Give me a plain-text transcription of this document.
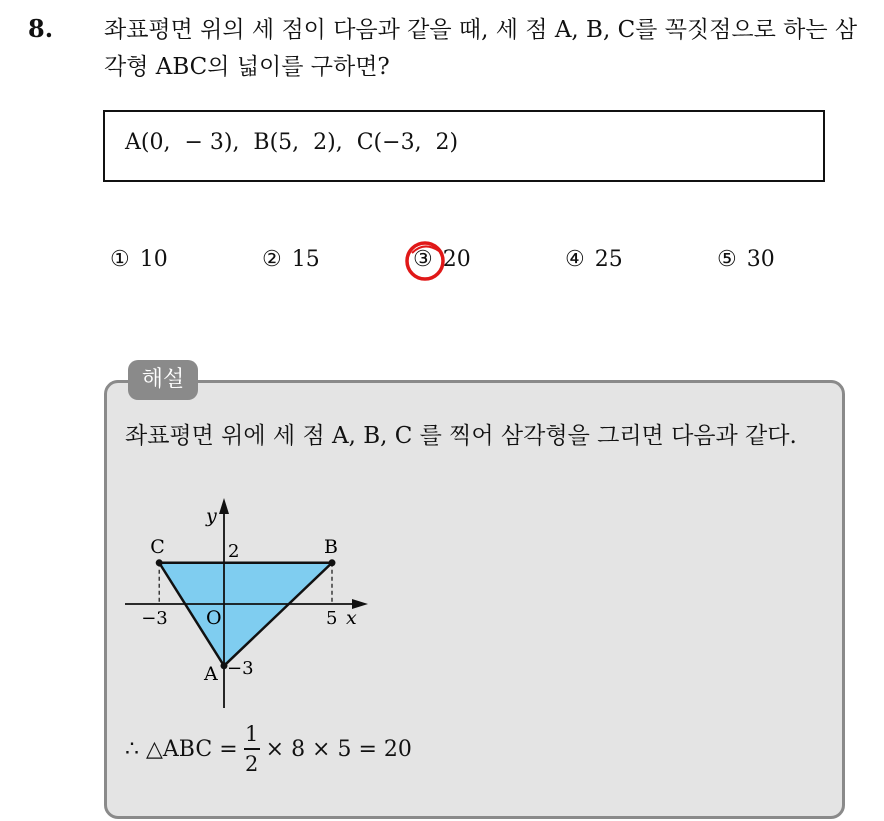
8. 좌표평면 위의 세 점이 다음과 같을 때, 세 점 A, B, C를 꼭짓점으로 하는 삼각형 ABC의 넓이를 구하면?
A(0,  − 3),  B(5,  2),  C(−3,  2)
① 10	② 15	③ 20	④ 25	⑤ 30
해설
좌표평면 위에 세 점 A, B, C 를 찍어 삼각형을 그리면 다음과 같다.
A
B
C
O	x
y
−3	5
2
−3
∴ △ABC = $\frac{1}{2} \times 8 \times 5 = 20$
